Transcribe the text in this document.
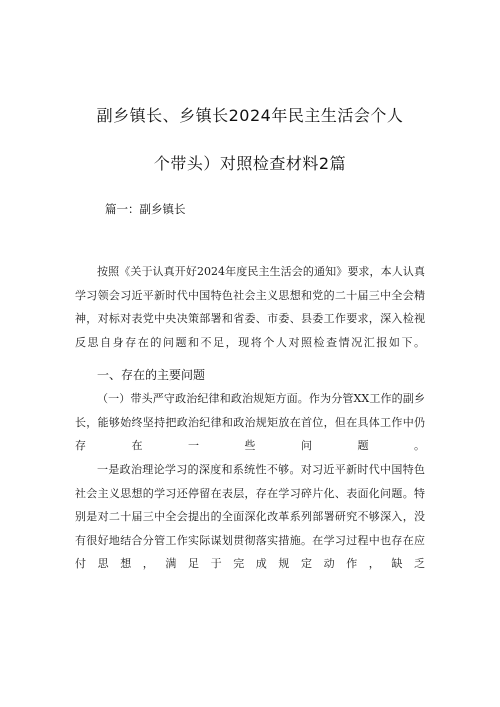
副乡镇长、乡镇长2024年民主生活会个人
个带头）对照检查材料2篇
篇一：副乡镇长

按照《关于认真开好2024年度民主生活会的通知》要求，本人认真学习领会习近平新时代中国特色社会主义思想和党的二十届三中全会精神，对标对表党中央决策部署和省委、市委、县委工作要求，深入检视反思自身存在的问题和不足，现将个人对照检查情况汇报如下。

一、存在的主要问题

（一）带头严守政治纪律和政治规矩方面。作为分管XX工作的副乡长，能够始终坚持把政治纪律和政治规矩放在首位，但在具体工作中仍存在一些问题。

一是政治理论学习的深度和系统性不够。对习近平新时代中国特色社会主义思想的学习还停留在表层，存在学习碎片化、表面化问题。特别是对二十届三中全会提出的全面深化改革系列部署研究不够深入，没有很好地结合分管工作实际谋划贯彻落实措施。在学习过程中也存在应付思想，满足于完成规定动作，缺乏
